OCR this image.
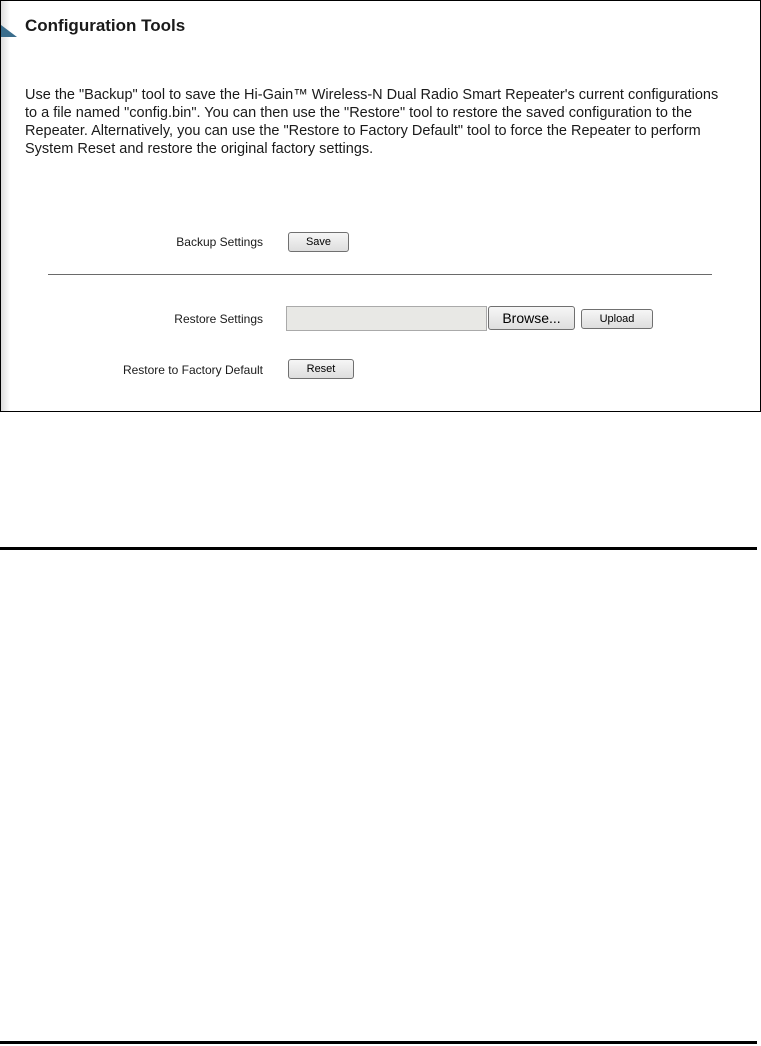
Configuration Tools

Use the "Backup" tool to save the Hi-Gain™ Wireless-N Dual Radio Smart Repeater's current configurations to a file named "config.bin". You can then use the "Restore" tool to restore the saved configuration to the Repeater. Alternatively, you can use the "Restore to Factory Default" tool to force the Repeater to perform System Reset and restore the original factory settings.

Backup Settings	Save
Restore Settings	Browse...	Upload
Restore to Factory Default	Reset
